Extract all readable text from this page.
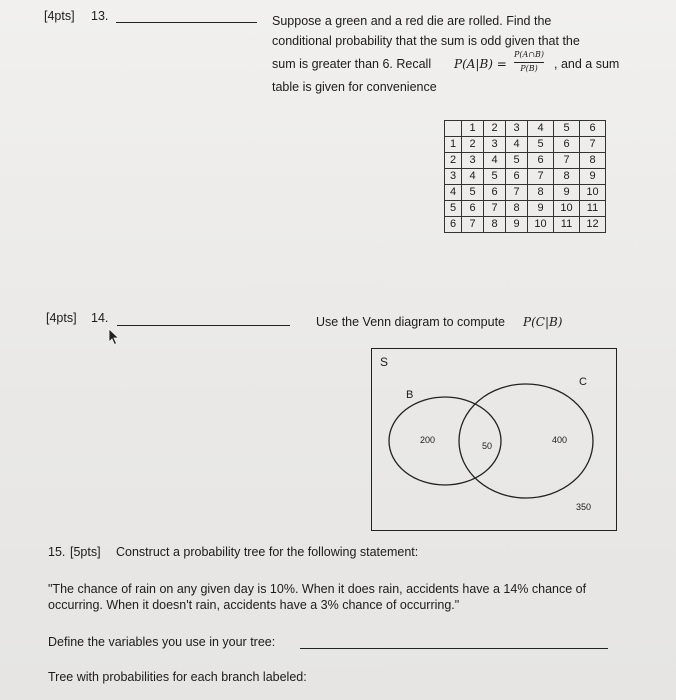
[4pts] 13.	Suppose a green and a red die are rolled. Find the
conditional probability that the sum is odd given that the
sum is greater than 6. Recall P(A|B) =
P(A∩B)
P(B)	, and a sum
table is given for convenience
	1	2	3	4	5	6
1	2	3	4	5	6	7
2	3	4	5	6	7	8
3	4	5	6	7	8	9
4	5	6	7	8	9	10
5	6	7	8	9	10	11
6	7	8	9	10	11	12
[4pts] 14.	Use the Venn diagram to compute P(C|B)
S
B
C
200
50
400
350
15. [5pts] Construct a probability tree for the following statement:
"The chance of rain on any given day is 10%. When it does rain, accidents have a 14% chance of
occurring. When it doesn't rain, accidents have a 3% chance of occurring."
Define the variables you use in your tree:
Tree with probabilities for each branch labeled:
